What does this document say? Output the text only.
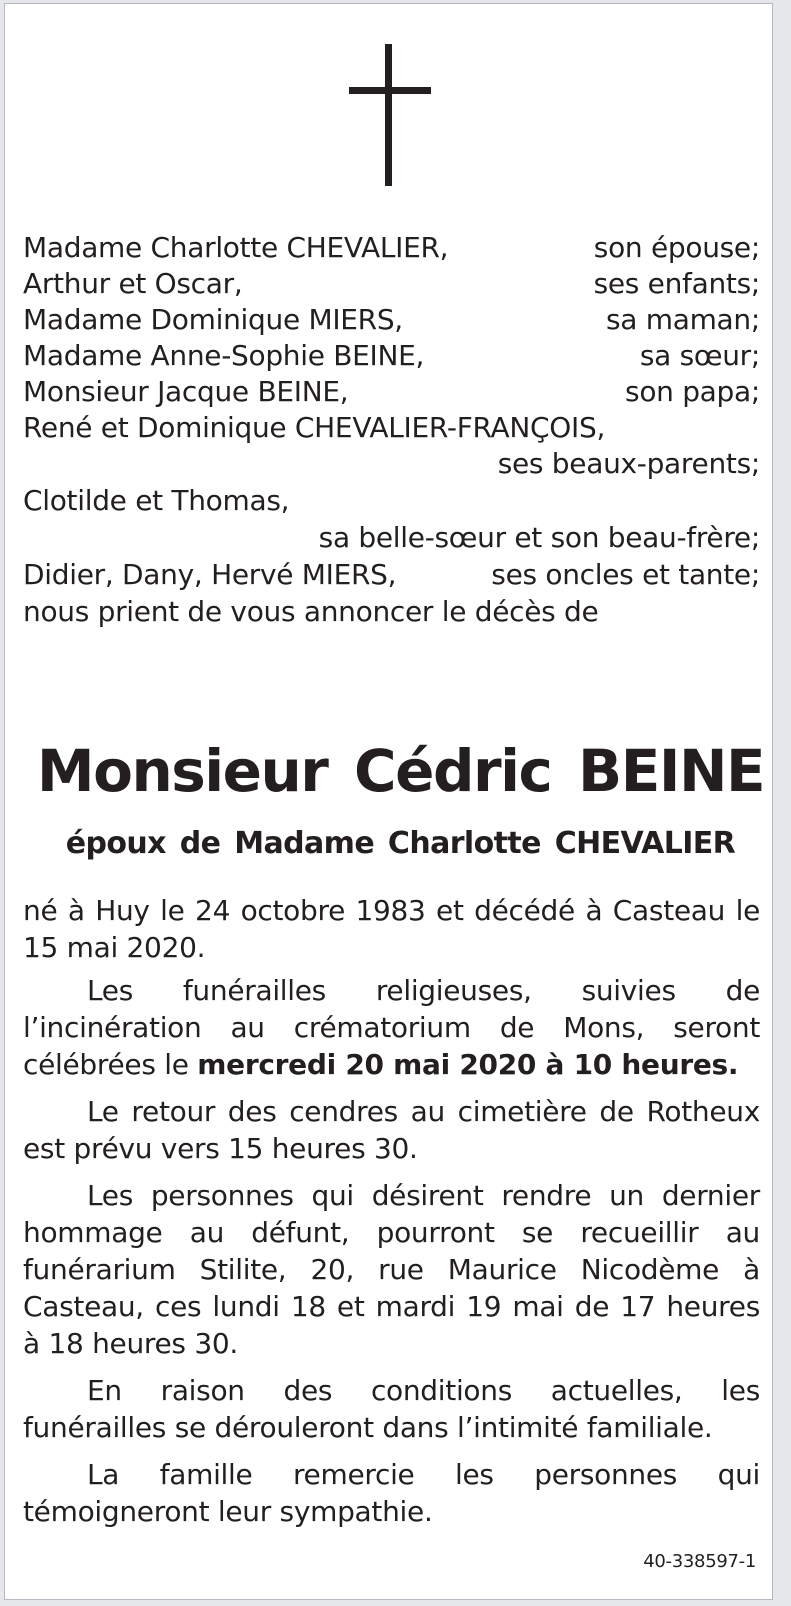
Madame Charlotte CHEVALIER,	son épouse;
Arthur et Oscar,	ses enfants;
Madame Dominique MIERS,	sa maman;
Madame Anne-Sophie BEINE,	sa sœur;
Monsieur Jacque BEINE,	son papa;
René et Dominique CHEVALIER-FRANÇOIS,
ses beaux-parents;
Clotilde et Thomas,
sa belle-sœur et son beau-frère;
Didier, Dany, Hervé MIERS,	ses oncles et tante;
nous prient de vous annoncer le décès de
Monsieur Cédric BEINE
époux de Madame Charlotte CHEVALIER

né à Huy le 24 octobre 1983 et décédé à Casteau le 15 mai 2020.

Les funérailles religieuses, suivies de l’incinération au crématorium de Mons, seront célébrées le mercredi 20 mai 2020 à 10 heures.

Le retour des cendres au cimetière de Rotheux est prévu vers 15 heures 30.

Les personnes qui désirent rendre un dernier hommage au défunt, pourront se recueillir au funérarium Stilite, 20, rue Maurice Nicodème à Casteau, ces lundi 18 et mardi 19 mai de 17 heures à 18 heures 30.

En raison des conditions actuelles, les funérailles se dérouleront dans l’intimité familiale.

La famille remercie les personnes qui témoigneront leur sympathie.

40-338597-1
